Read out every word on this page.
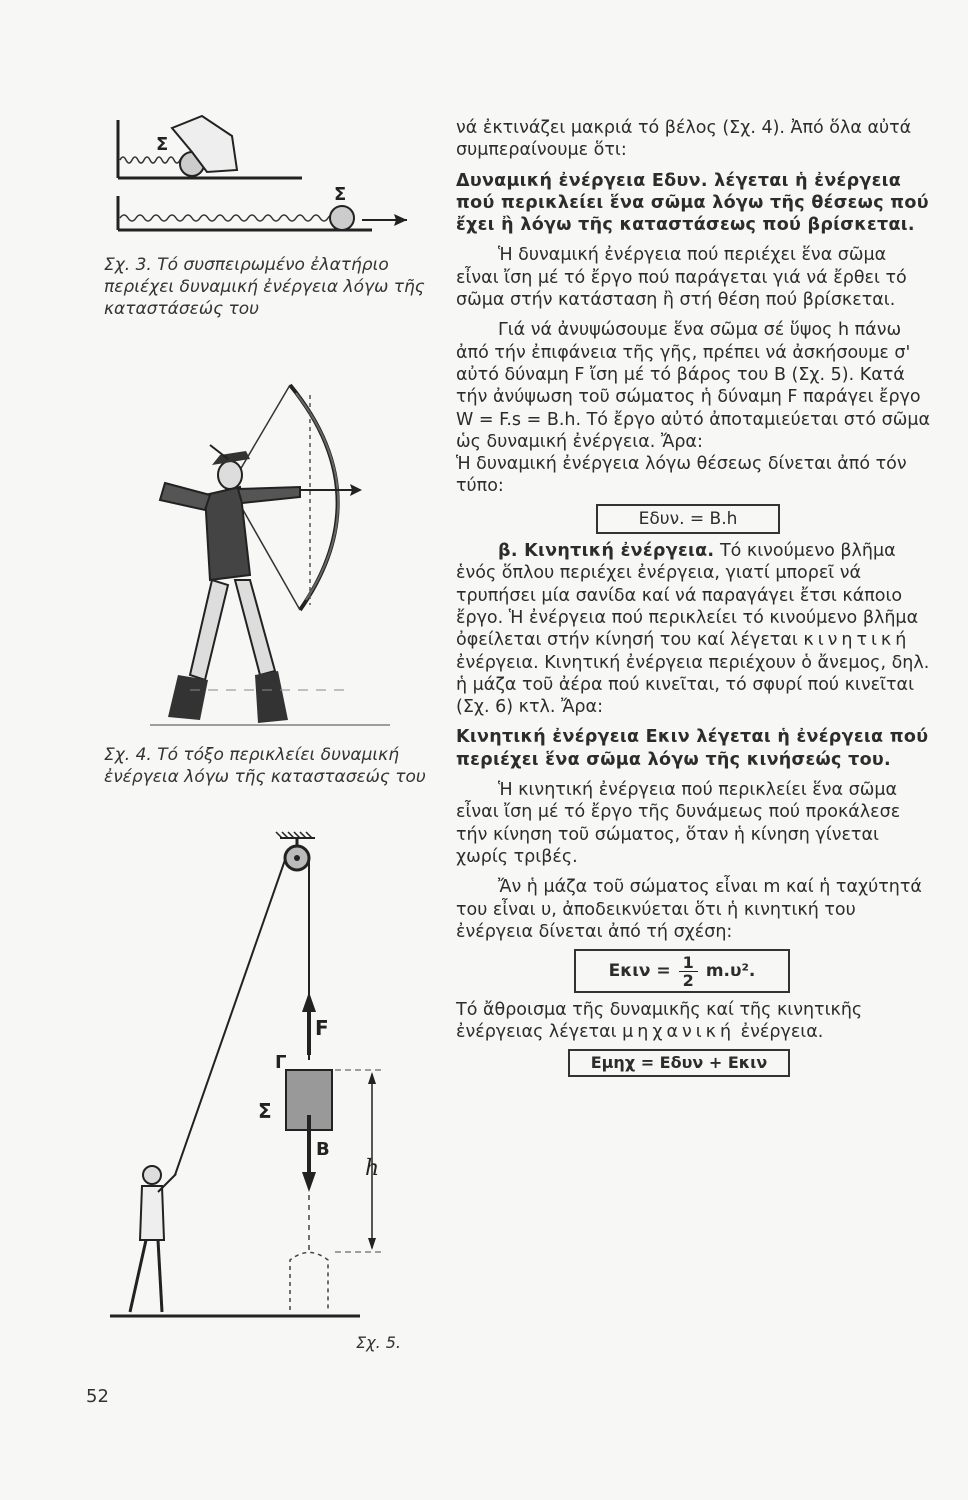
Σ
Σ
Σχ. 3. Τό συσπειρωμένο ἐλατήριο περιέχει δυναμική ἐνέργεια λόγω τῆς καταστάσεώς του
Σχ. 4. Τό τόξο περικλείει δυναμική ἐνέργεια λόγω τῆς καταστασεώς του
F
Γ
Σ
B
h
Σχ. 5.

νά ἐκτινάζει μακριά τό βέλος (Σχ. 4). Ἀπό ὅλα αὐτά συμπεραίνουμε ὅτι:

Δυναμική ἐνέργεια Eδυν. λέγεται ἡ ἐνέργεια πού περικλείει ἕνα σῶμα λόγω τῆς θέσεως πού ἔχει ἢ λόγω τῆς καταστάσεως πού βρίσκεται.

Ἡ δυναμική ἐνέργεια πού περιέχει ἕνα σῶμα εἶναι ἴση μέ τό ἔργο πού παράγεται γιά νά ἔρθει τό σῶμα στήν κατάσταση ἢ στή θέση πού βρίσκεται.

Γιά νά ἀνυψώσουμε ἕνα σῶμα σέ ὕψος h πάνω ἀπό τήν ἐπιφάνεια τῆς γῆς, πρέπει νά ἀσκήσουμε σ' αὐτό δύναμη F ἴση μέ τό βάρος του B (Σχ. 5). Κατά τήν ἀνύψωση τοῦ σώματος ἡ δύναμη F παράγει ἔργο W = F.s = B.h. Τό ἔργο αὐτό ἀποταμιεύεται στό σῶμα ὡς δυναμική ἐνέργεια. Ἄρα:

Ἡ δυναμική ἐνέργεια λόγω θέσεως δίνεται ἀπό τόν τύπο:

Eδυν. = B.h

β. Κινητική ἐνέργεια. Τό κινούμενο βλῆμα ἑνός ὅπλου περιέχει ἐνέργεια, γιατί μπορεῖ νά τρυπήσει μία σανίδα καί νά παραγάγει ἔτσι κάποιο ἔργο. Ἡ ἐνέργεια πού περικλείει τό κινούμενο βλῆμα ὀφείλεται στήν κίνησή του καί λέγεται κινητική ἐνέργεια. Κινητική ἐνέργεια περιέχουν ὁ ἄνεμος, δηλ. ἡ μάζα τοῦ ἀέρα πού κινεῖται, τό σφυρί πού κινεῖται (Σχ. 6) κτλ. Ἄρα:

Κινητική ἐνέργεια Eκιν λέγεται ἡ ἐνέργεια πού περιέχει ἕνα σῶμα λόγω τῆς κινήσεώς του.

Ἡ κινητική ἐνέργεια πού περικλείει ἕνα σῶμα εἶναι ἴση μέ τό ἔργο τῆς δυνάμεως πού προκάλεσε τήν κίνηση τοῦ σώματος, ὅταν ἡ κίνηση γίνεται χωρίς τριβές.

Ἄν ἡ μάζα τοῦ σώματος εἶναι m καί ἡ ταχύτητά του εἶναι υ, ἀποδεικνύεται ὅτι ἡ κινητική του ἐνέργεια δίνεται ἀπό τή σχέση:

$E\kappa\iota\nu = \frac{1}{2} m.\upsilon^2$.

Τό ἄθροισμα τῆς δυναμικῆς καί τῆς κινητικῆς ἐνέργειας λέγεται μηχανική ἐνέργεια.

Eμηχ = Eδυν + Eκιν
52
